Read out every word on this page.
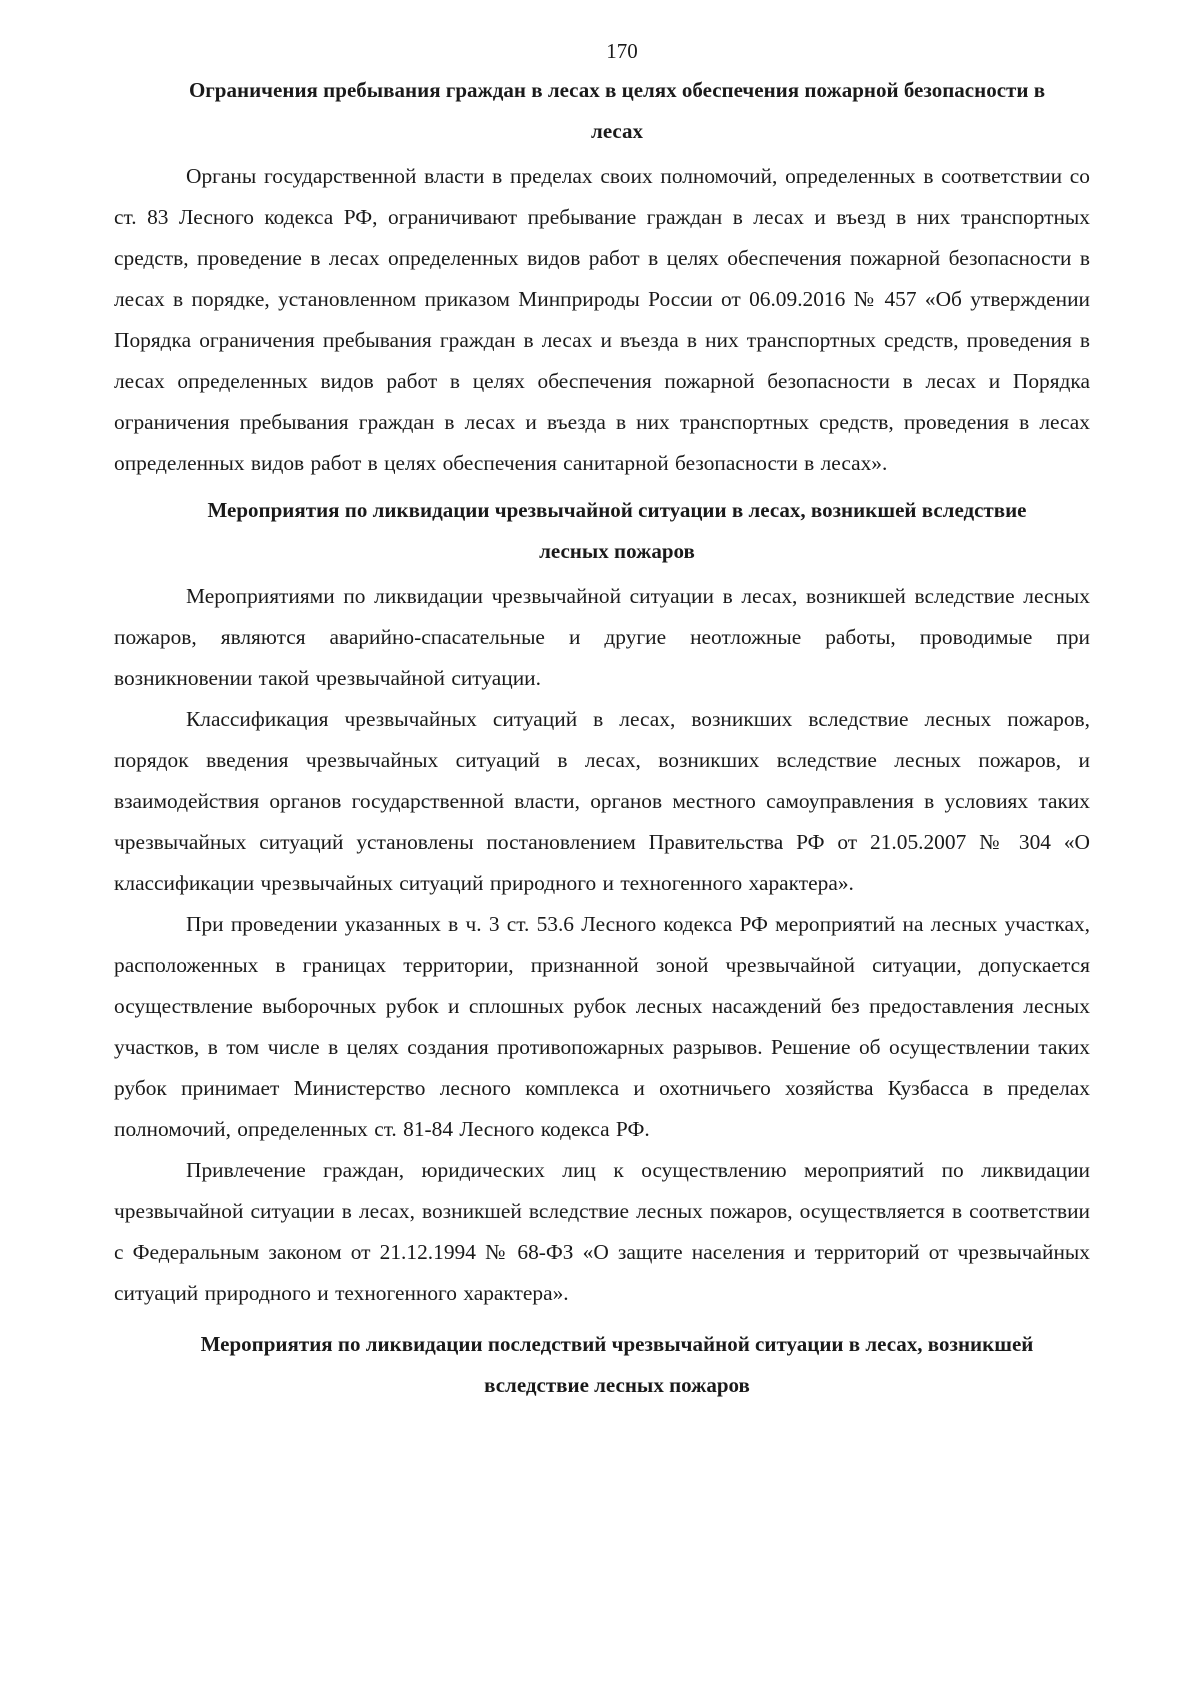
170
Ограничения пребывания граждан в лесах в целях обеспечения пожарной безопасности в лесах

Органы государственной власти в пределах своих полномочий, определенных в соответствии со ст. 83 Лесного кодекса РФ, ограничивают пребывание граждан в лесах и въезд в них транспортных средств, проведение в лесах определенных видов работ в целях обеспечения пожарной безопасности в лесах в порядке, установленном приказом Минприроды России от 06.09.2016 № 457 «Об утверждении Порядка ограничения пребывания граждан в лесах и въезда в них транспортных средств, проведения в лесах определенных видов работ в целях обеспечения пожарной безопасности в лесах и Порядка ограничения пребывания граждан в лесах и въезда в них транспортных средств, проведения в лесах определенных видов работ в целях обеспечения санитарной безопасности в лесах».

Мероприятия по ликвидации чрезвычайной ситуации в лесах, возникшей вследствие лесных пожаров

Мероприятиями по ликвидации чрезвычайной ситуации в лесах, возникшей вследствие лесных пожаров, являются аварийно-спасательные и другие неотложные работы, проводимые при возникновении такой чрезвычайной ситуации.

Классификация чрезвычайных ситуаций в лесах, возникших вследствие лесных пожаров, порядок введения чрезвычайных ситуаций в лесах, возникших вследствие лесных пожаров, и взаимодействия органов государственной власти, органов местного самоуправления в условиях таких чрезвычайных ситуаций установлены постановлением Правительства РФ от 21.05.2007 № 304 «О классификации чрезвычайных ситуаций природного и техногенного характера».

При проведении указанных в ч. 3 ст. 53.6 Лесного кодекса РФ мероприятий на лесных участках, расположенных в границах территории, признанной зоной чрезвычайной ситуации, допускается осуществление выборочных рубок и сплошных рубок лесных насаждений без предоставления лесных участков, в том числе в целях создания противопожарных разрывов. Решение об осуществлении таких рубок принимает Министерство лесного комплекса и охотничьего хозяйства Кузбасса в пределах полномочий, определенных ст. 81-84 Лесного кодекса РФ.

Привлечение граждан, юридических лиц к осуществлению мероприятий по ликвидации чрезвычайной ситуации в лесах, возникшей вследствие лесных пожаров, осуществляется в соответствии с Федеральным законом от 21.12.1994 № 68-ФЗ «О защите населения и территорий от чрезвычайных ситуаций природного и техногенного характера».

Мероприятия по ликвидации последствий чрезвычайной ситуации в лесах, возникшей вследствие лесных пожаров
